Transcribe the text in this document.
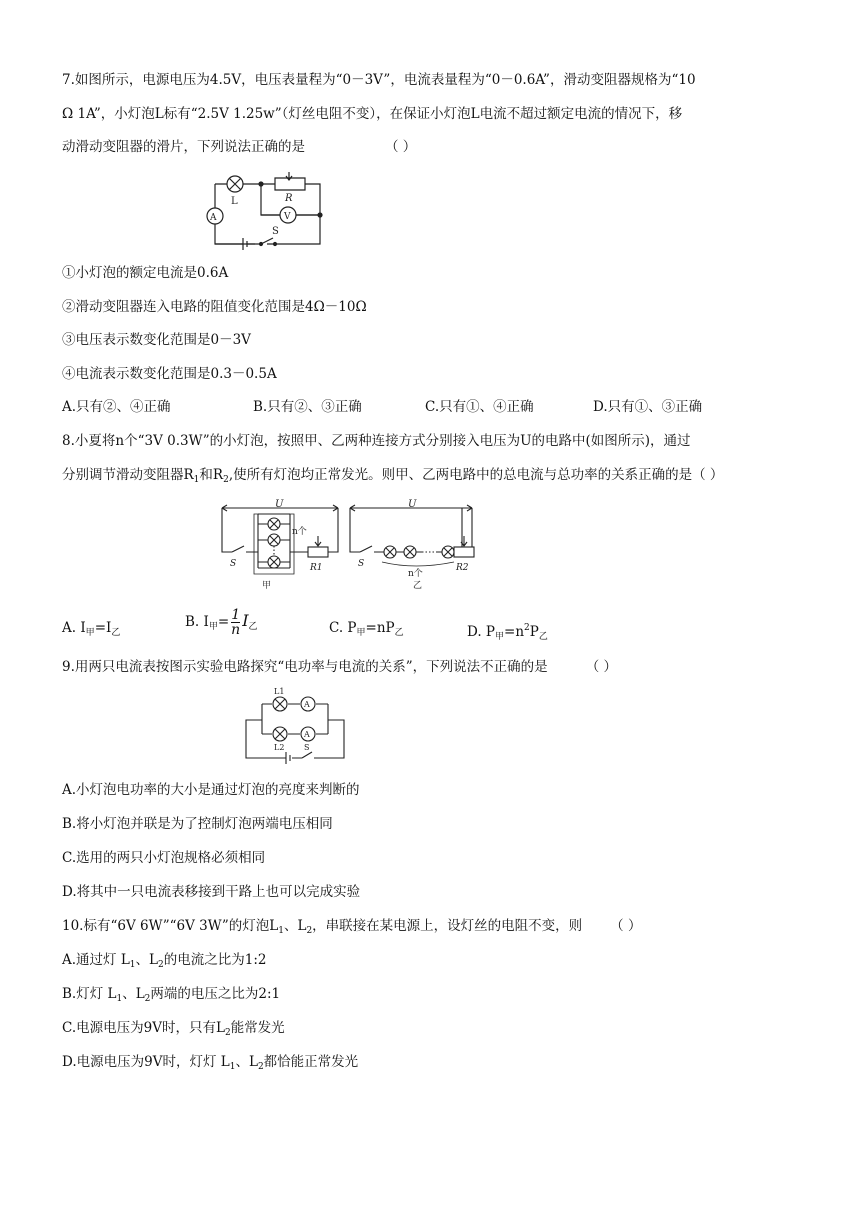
7.如图所示，电源电压为4.5V，电压表量程为“0－3V”，电流表量程为“0－0.6A”，滑动变阻器规格为“10
Ω 1A”，小灯泡L标有“2.5V 1.25w”（灯丝电阻不变），在保证小灯泡L电流不超过额定电流的情况下，移
动滑动变阻器的滑片，下列说法正确的是	（ ）
L
A	V
R
S
①小灯泡的额定电流是0.6A
②滑动变阻器连入电路的阻值变化范围是4Ω－10Ω
③电压表示数变化范围是0－3V
④电流表示数变化范围是0.3－0.5A
A.只有②、④正确	B.只有②、③正确	C.只有①、④正确	D.只有①、③正确
8.小夏将n个“3V 0.3W”的小灯泡，按照甲、乙两种连接方式分别接入电压为U的电路中(如图所示)，通过
分别调节滑动变阻器$R_1$和$R_2$,使所有灯泡均正常发光。则甲、乙两电路中的总电流与总功率的关系正确的是（ ）
U	U
n个
n个
甲	乙
R1	R2
S	S
A. $I_甲=I_乙$
B. $I_甲= \frac{1}{n} I_乙$	C. $P_甲=nP_乙$	D. $P_甲=n^2P_乙$
9.用两只电流表按图示实验电路探究“电功率与电流的关系”，下列说法不正确的是	（ ）
L1
L2
A
A
S
A.小灯泡电功率的大小是通过灯泡的亮度来判断的
B.将小灯泡并联是为了控制灯泡两端电压相同
C.选用的两只小灯泡规格必须相同
D.将其中一只电流表移接到干路上也可以完成实验
10.标有“6V 6W”“6V 3W”的灯泡$L_1$、$L_2$，串联接在某电源上，设灯丝的电阻不变，则 （ ）
A.通过灯 $L_1$、$L_2$的电流之比为1:2
B.灯灯 $L_1$、$L_2$两端的电压之比为2:1
C.电源电压为9V时，只有$L_2$能常发光
D.电源电压为9V时，灯灯 $L_1$、$L_2$都恰能正常发光
